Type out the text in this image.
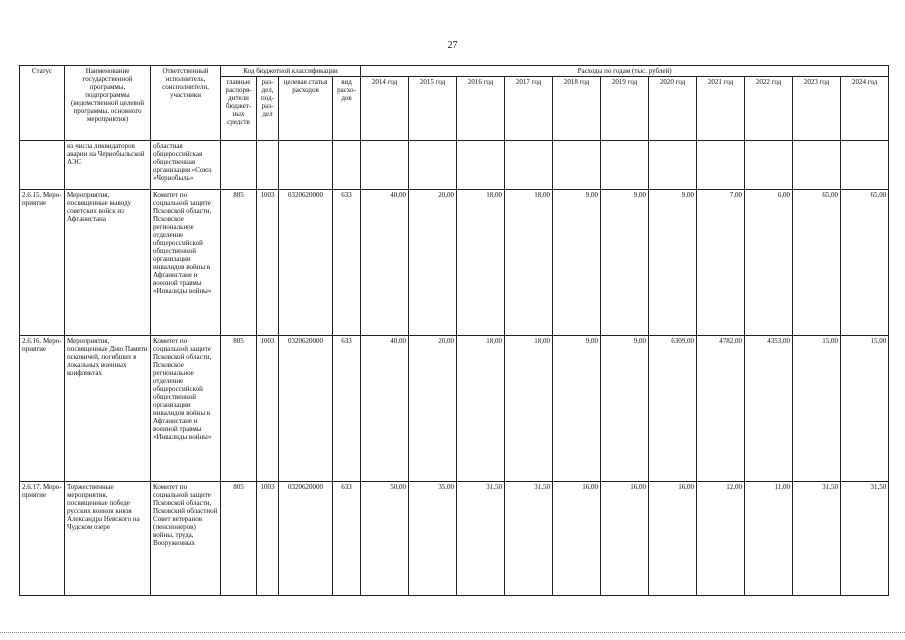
27
Статус	Наименование государственной программы, подпрограммы (ведомственной целевой программы, основного мероприятия)	Ответственный исполнитель, соисполнители, участники	Код бюджетной классификации				Расходы по годам (тыс. рублей)										
			главные распоря-дители бюджет-ных средств	раз-дел, под-раз-дел	целевая статья расходов	вид расхо-дов	2014 год	2015 год	2016 год	2017 год	2018 год	2019 год	2020 год	2021 год	2022 год	2023 год	2024 год
	из числа ликвидаторов аварии на Чернобыльской АЭС	областная общероссийская общественная организация «Союз «Чернобыль»															
2.6.15. Меро-приятие	Мероприятия, посвященные выводу советских войск из Афганистана	Комитет по социальной защите Псковской области, Псковское региональное отделение общероссийской общественной организации инвалидов войны в Афганистане и военной травмы «Инвалиды войны»	805	1003	0320620000	633	40,00	20,00	18,00	18,00	9,00	9,00	9,00	7,00	6,00	65,00	65,00
2.6.16. Меро-приятие	Мероприятия, посвященные Дню Памяти псковичей, погибших в локальных военных конфликтах	Комитет по социальной защите Псковской области, Псковское региональное отделение общероссийской общественной организации инвалидов войны в Афганистане и военной травмы «Инвалиды войны»	805	1003	0320620000	633	40,00	20,00	18,00	18,00	9,00	9,00	6309,00	4782,00	4353,00	15,00	15,00
2.6.17. Меро-приятие	Торжественные мероприятия, посвященные победе русских воинов князя Александра Невского на Чудском озере	Комитет по социальной защите Псковской области, Псковский областной Совет ветеранов (пенсионеров) войны, труда, Вооруженных	805	1003	0320620000	633	50,00	35,00	31,50	31,50	16,00	16,00	16,00	12,00	11,00	31,50	31,50
